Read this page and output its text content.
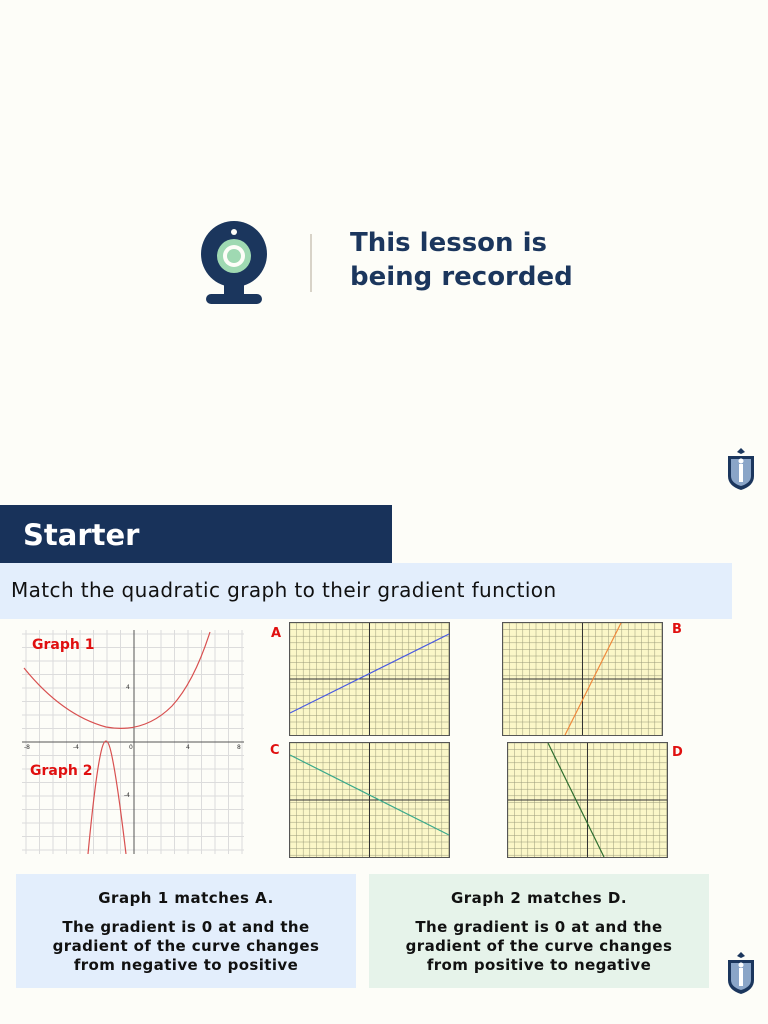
This lesson is being recorded
Starter
Match the quadratic graph to their gradient function
Graph 1
Graph 2
-8	-4	0	4	8
4
-4
A	B
C	D
Graph 1 matches A.
The gradient is 0 at and the gradient of the curve changes from negative to positive
Graph 2 matches D.
The gradient is 0 at and the gradient of the curve changes from positive to negative
